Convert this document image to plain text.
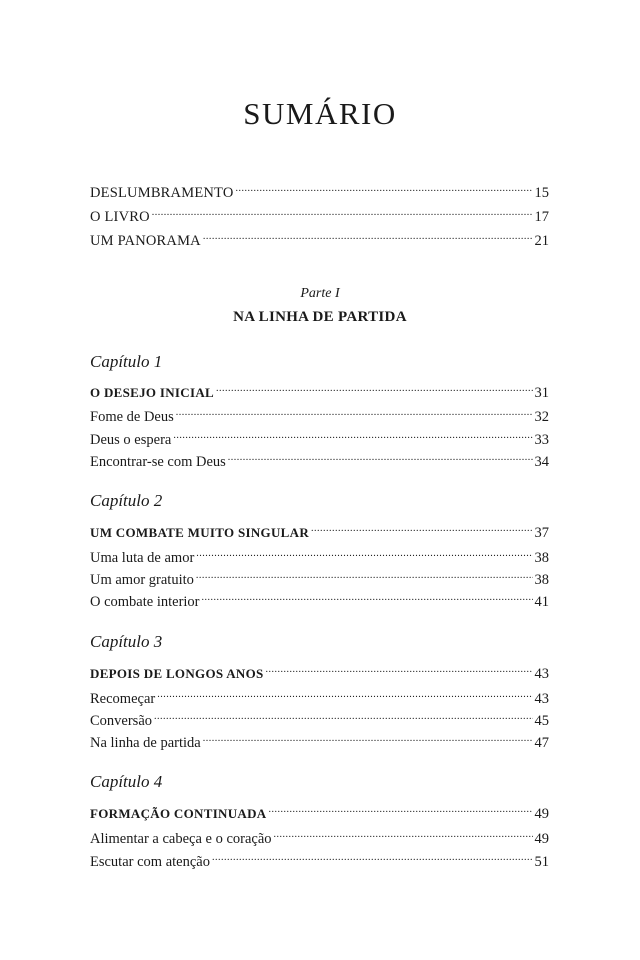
SUMÁRIO
DESLUMBRAMENTO .....	15
O LIVRO .....	17
UM PANORAMA .....	21
Parte I
NA LINHA DE PARTIDA
Capítulo 1
O DESEJO INICIAL .....	31
Fome de Deus .....	32
Deus o espera .....	33
Encontrar-se com Deus .....	34
Capítulo 2
UM COMBATE MUITO SINGULAR .....	37
Uma luta de amor .....	38
Um amor gratuito .....	38
O combate interior .....	41
Capítulo 3
DEPOIS DE LONGOS ANOS .....	43
Recomeçar .....	43
Conversão .....	45
Na linha de partida .....	47
Capítulo 4
FORMAÇÃO CONTINUADA .....	49
Alimentar a cabeça e o coração .....	49
Escutar com atenção .....	51
